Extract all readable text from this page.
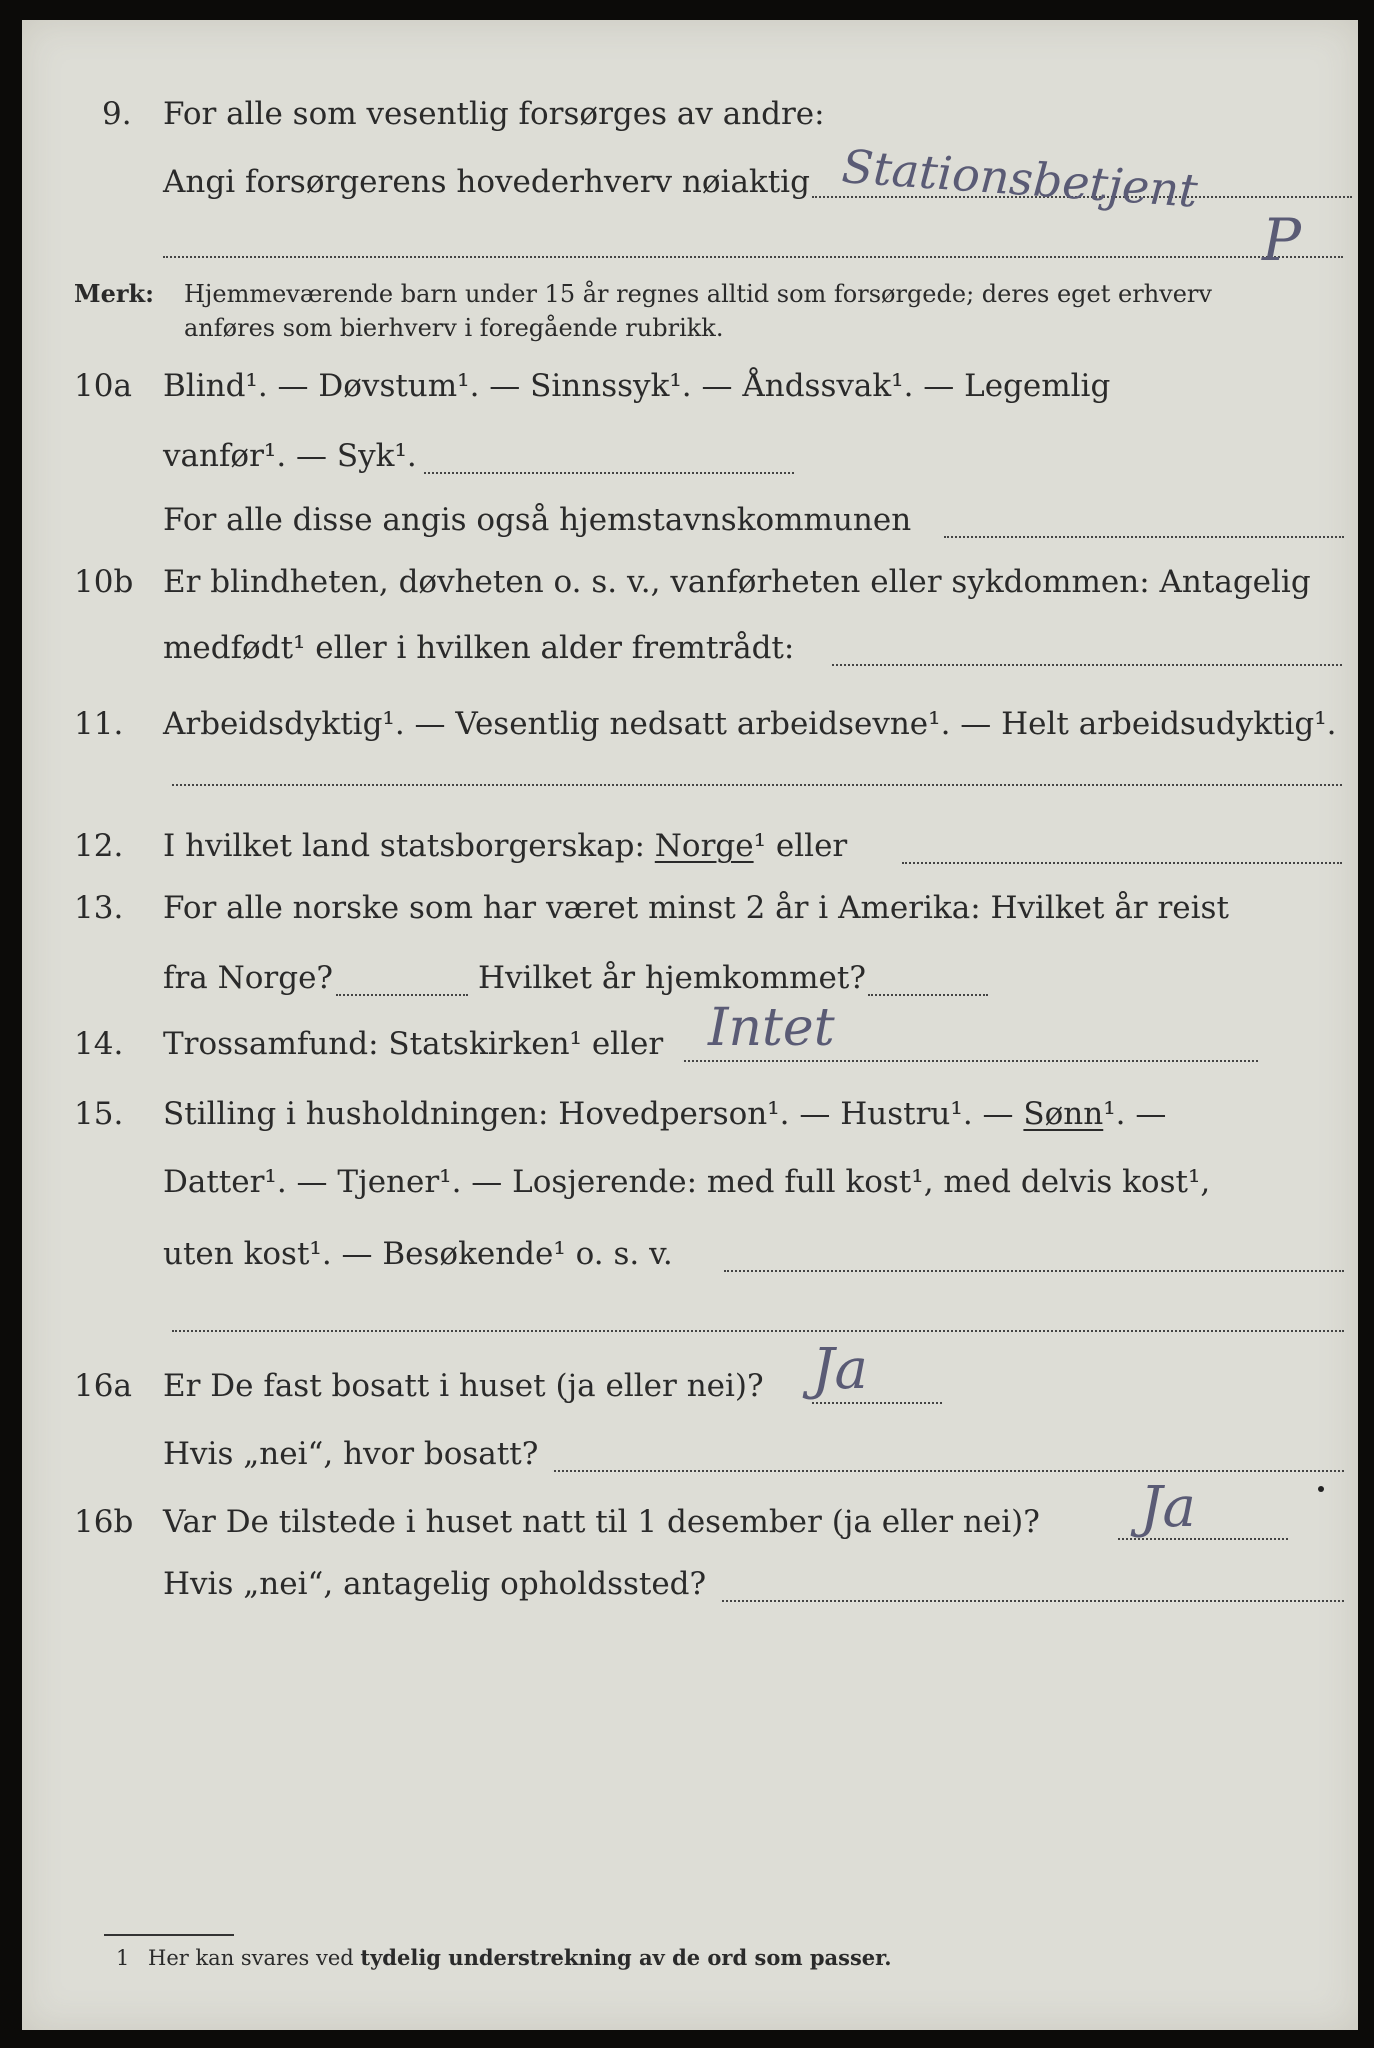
9. For alle som vesentlig forsørges av andre:
Angi forsørgerens hovederhverv nøiaktig Stationsbetjent
P
Merk: Hjemmeværende barn under 15 år regnes alltid som forsørgede; deres eget erhverv
anføres som bierhverv i foregående rubrikk.
10a Blind¹. — Døvstum¹. — Sinnssyk¹. — Åndssvak¹. — Legemlig
vanfør¹. — Syk¹.
For alle disse angis også hjemstavnskommunen
10b Er blindheten, døvheten o. s. v., vanførheten eller sykdommen: Antagelig
medfødt¹ eller i hvilken alder fremtrådt:
11. Arbeidsdyktig¹. — Vesentlig nedsatt arbeidsevne¹. — Helt arbeidsudyktig¹.
12. I hvilket land statsborgerskap: Norge¹ eller
13. For alle norske som har været minst 2 år i Amerika: Hvilket år reist
fra Norge?	Hvilket år hjemkommet?
14. Trossamfund: Statskirken¹ eller Intet
15. Stilling i husholdningen: Hovedperson¹. — Hustru¹. — Sønn¹. —
Datter¹. — Tjener¹. — Losjerende: med full kost¹, med delvis kost¹,
uten kost¹. — Besøkende¹ o. s. v.
16a Er De fast bosatt i huset (ja eller nei)? Ja
Hvis „nei“, hvor bosatt?
16b Var De tilstede i huset natt til 1 desember (ja eller nei)? Ja
Hvis „nei“, antagelig opholdssted?
1 Her kan svares ved tydelig understrekning av de ord som passer.
